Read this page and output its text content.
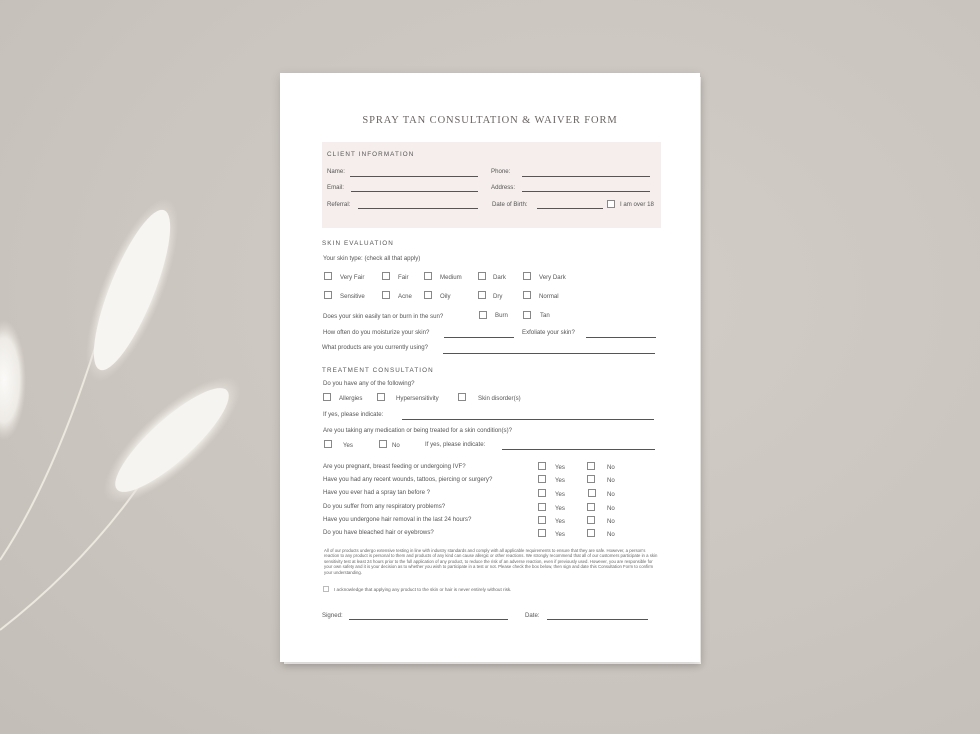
SPRAY TAN CONSULTATION & WAIVER FORM
CLIENT INFORMATION
Name:	Phone:
Email:	Address:
Referral:	Date of Birth:	I am over 18
SKIN EVALUATION
Your skin type: (check all that apply)
Very Fair	Fair	Medium	Dark	Very Dark
Sensitive	Acne	Oily	Dry	Normal
Does your skin easily tan or burn in the sun?	Burn	Tan
How often do you moisturize your skin?	Exfoliate your skin?
What products are you currently using?
TREATMENT CONSULTATION
Do you have any of the following?
Allergies	Hypersensitivity	Skin disorder(s)
If yes, please indicate:
Are you taking any medication or being treated for a skin condition(s)?
Yes	No	If yes, please indicate:
Are you pregnant, breast feeding or undergoing IVF?	Yes	No
Have you had any recent wounds, tattoos, piercing or surgery?	Yes	No
Have you ever had a spray tan before ?	Yes	No
Do you suffer from any respiratory problems?	Yes	No
Have you undergone hair removal in the last 24 hours?	Yes	No
Do you have bleached hair or eyebrows?	Yes	No
All of our products undergo extensive testing in line with industry standards and comply with all applicable requirements to ensure that they are safe. However, a person's reaction to any product is personal to them and products of any kind can cause allergic or other reactions. We strongly recommend that all of our customers participate in a skin sensitivity test at least 24 hours prior to the full application of any product, to reduce the risk of an adverse reaction, even if previously used. However, you are responsible for your own safety and it is your decision as to whether you wish to participate in a test or not. Please check the box below, then sign and date this Consultation Form to confirm your understanding.
I acknowledge that applying any product to the skin or hair is never entirely without risk.
Signed:	Date:
